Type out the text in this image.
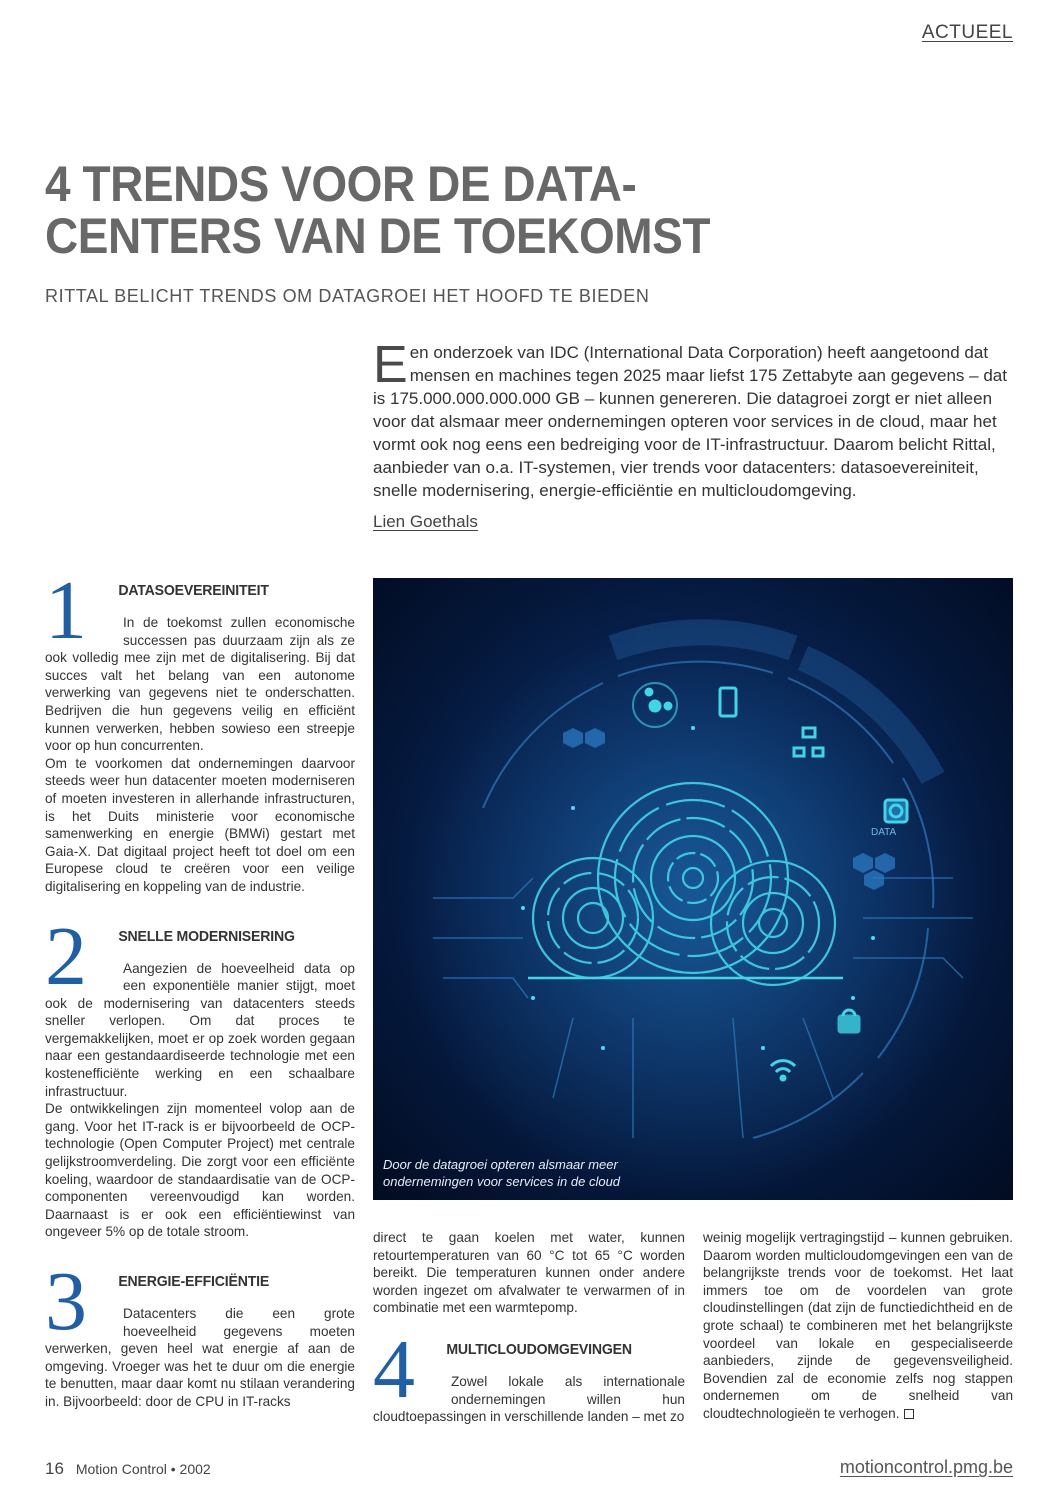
ACTUEEL
4 TRENDS VOOR DE DATA-
CENTERS VAN DE TOEKOMST
RITTAL BELICHT TRENDS OM DATAGROEI HET HOOFD TE BIEDEN
E en onderzoek van IDC (International Data Corporation) heeft aangetoond dat mensen en machines tegen 2025 maar liefst 175 Zettabyte aan gegevens – dat is 175.000.000.000.000 GB – kunnen genereren. Die datagroei zorgt er niet alleen voor dat alsmaar meer ondernemingen opteren voor services in de cloud, maar het vormt ook nog eens een bedreiging voor de IT-infrastructuur. Daarom belicht Rittal, aanbieder van o.a. IT-systemen, vier trends voor datacenters: datasoevereiniteit, snelle modernisering, energie-efficiëntie en multicloudomgeving.
Lien Goethals
1	DATASOEVEREINITEIT

In de toekomst zullen economische successen pas duurzaam zijn als ze ook volledig mee zijn met de digitalisering. Bij dat succes valt het belang van een autonome verwerking van gegevens niet te onderschatten. Bedrijven die hun gegevens veilig en efficiënt kunnen verwerken, hebben sowieso een streepje voor op hun concurrenten.

Om te voorkomen dat ondernemingen daarvoor steeds weer hun datacenter moeten moderniseren of moeten investeren in allerhande infrastructuren, is het Duits ministerie voor economische samenwerking en energie (BMWi) gestart met Gaia-X. Dat digitaal project heeft tot doel om een Europese cloud te creëren voor een veilige digitalisering en koppeling van de industrie.

2	SNELLE MODERNISERING

Aangezien de hoeveelheid data op een exponentiële manier stijgt, moet ook de modernisering van datacenters steeds sneller verlopen. Om dat proces te vergemakkelijken, moet er op zoek worden gegaan naar een gestandaardiseerde technologie met een kostenefficiënte werking en een schaalbare infrastructuur.

De ontwikkelingen zijn momenteel volop aan de gang. Voor het IT-rack is er bijvoorbeeld de OCP-technologie (Open Computer Project) met centrale gelijkstroomverdeling. Die zorgt voor een efficiënte koeling, waardoor de standaardisatie van de OCP-componenten vereenvoudigd kan worden. Daarnaast is er ook een efficiëntiewinst van ongeveer 5% op de totale stroom.

3	ENERGIE-EFFICIËNTIE

Datacenters die een grote hoeveelheid gegevens moeten verwerken, geven heel wat energie af aan de omgeving. Vroeger was het te duur om die energie te benutten, maar daar komt nu stilaan verandering in. Bijvoorbeeld: door de CPU in IT-racks

DATA
Door de datagroei opteren alsmaar meer ondernemingen voor services in de cloud

direct te gaan koelen met water, kunnen retourtemperaturen van 60 °C tot 65 °C worden bereikt. Die temperaturen kunnen onder andere worden ingezet om afvalwater te verwarmen of in combinatie met een warmtepomp.

4	MULTICLOUDOMGEVINGEN

Zowel lokale als internationale ondernemingen willen hun cloudtoepassingen in verschillende landen – met zo

weinig mogelijk vertragingstijd – kunnen gebruiken. Daarom worden multicloudomgevingen een van de belangrijkste trends voor de toekomst. Het laat immers toe om de voordelen van grote cloudinstellingen (dat zijn de functiedichtheid en de grote schaal) te combineren met het belangrijkste voordeel van lokale en gespecialiseerde aanbieders, zijnde de gegevensveiligheid. Bovendien zal de economie zelfs nog stappen ondernemen om de snelheid van cloudtechnologieën te verhogen.

16 Motion Control • 2002	motioncontrol.pmg.be
